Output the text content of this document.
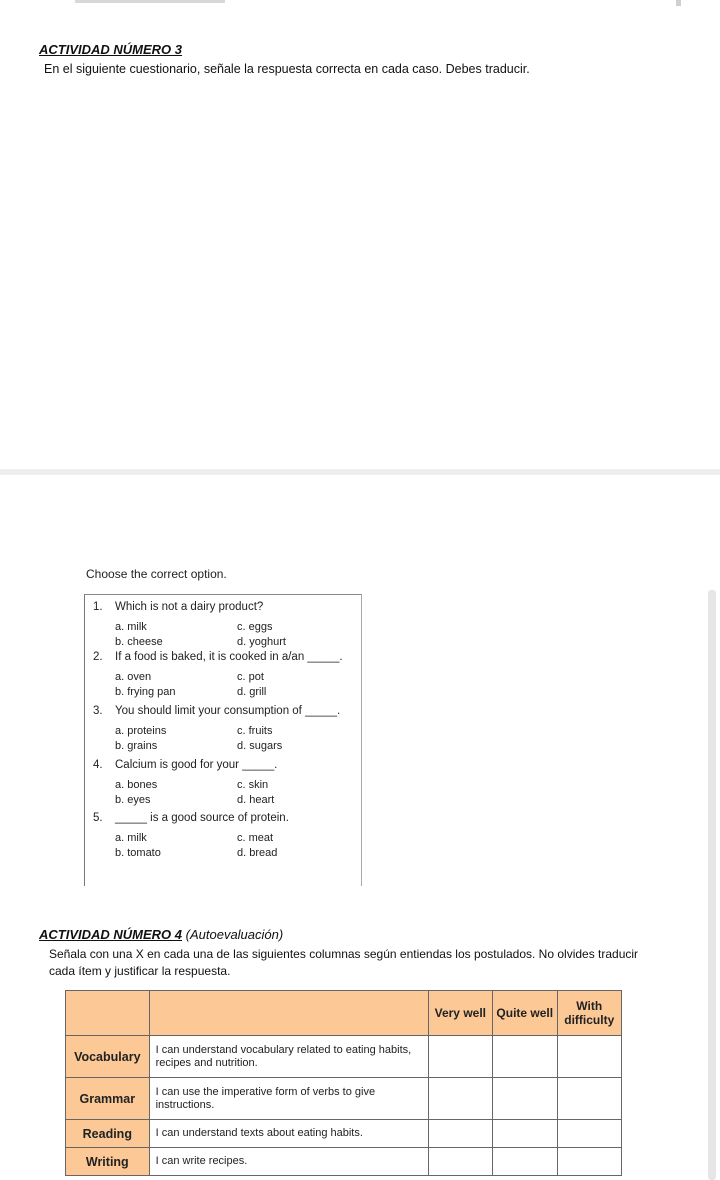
ACTIVIDAD NÚMERO 3
En el siguiente cuestionario, señale la respuesta correcta en cada caso. Debes traducir.
Choose the correct option.
1. Which is not a dairy product?
a. milk
b. cheese
c. eggs
d. yoghurt
2. If a food is baked, it is cooked in a/an _____.
a. oven
b. frying pan
c. pot
d. grill
3. You should limit your consumption of _____.
a. proteins
b. grains
c. fruits
d. sugars
4. Calcium is good for your _____.
a. bones
b. eyes
c. skin
d. heart
5. _____ is a good source of protein.
a. milk
b. tomato
c. meat
d. bread
ACTIVIDAD NÚMERO 4 (Autoevaluación)
Señala con una X en cada una de las siguientes columnas según entiendas los postulados. No olvides traducir
cada ítem y justificar la respuesta.
		Very well	Quite well	With difficulty
Vocabulary	I can understand vocabulary related to eating habits, recipes and nutrition.			
Grammar	I can use the imperative form of verbs to give instructions.			
Reading	I can understand texts about eating habits.			
Writing	I can write recipes.			
